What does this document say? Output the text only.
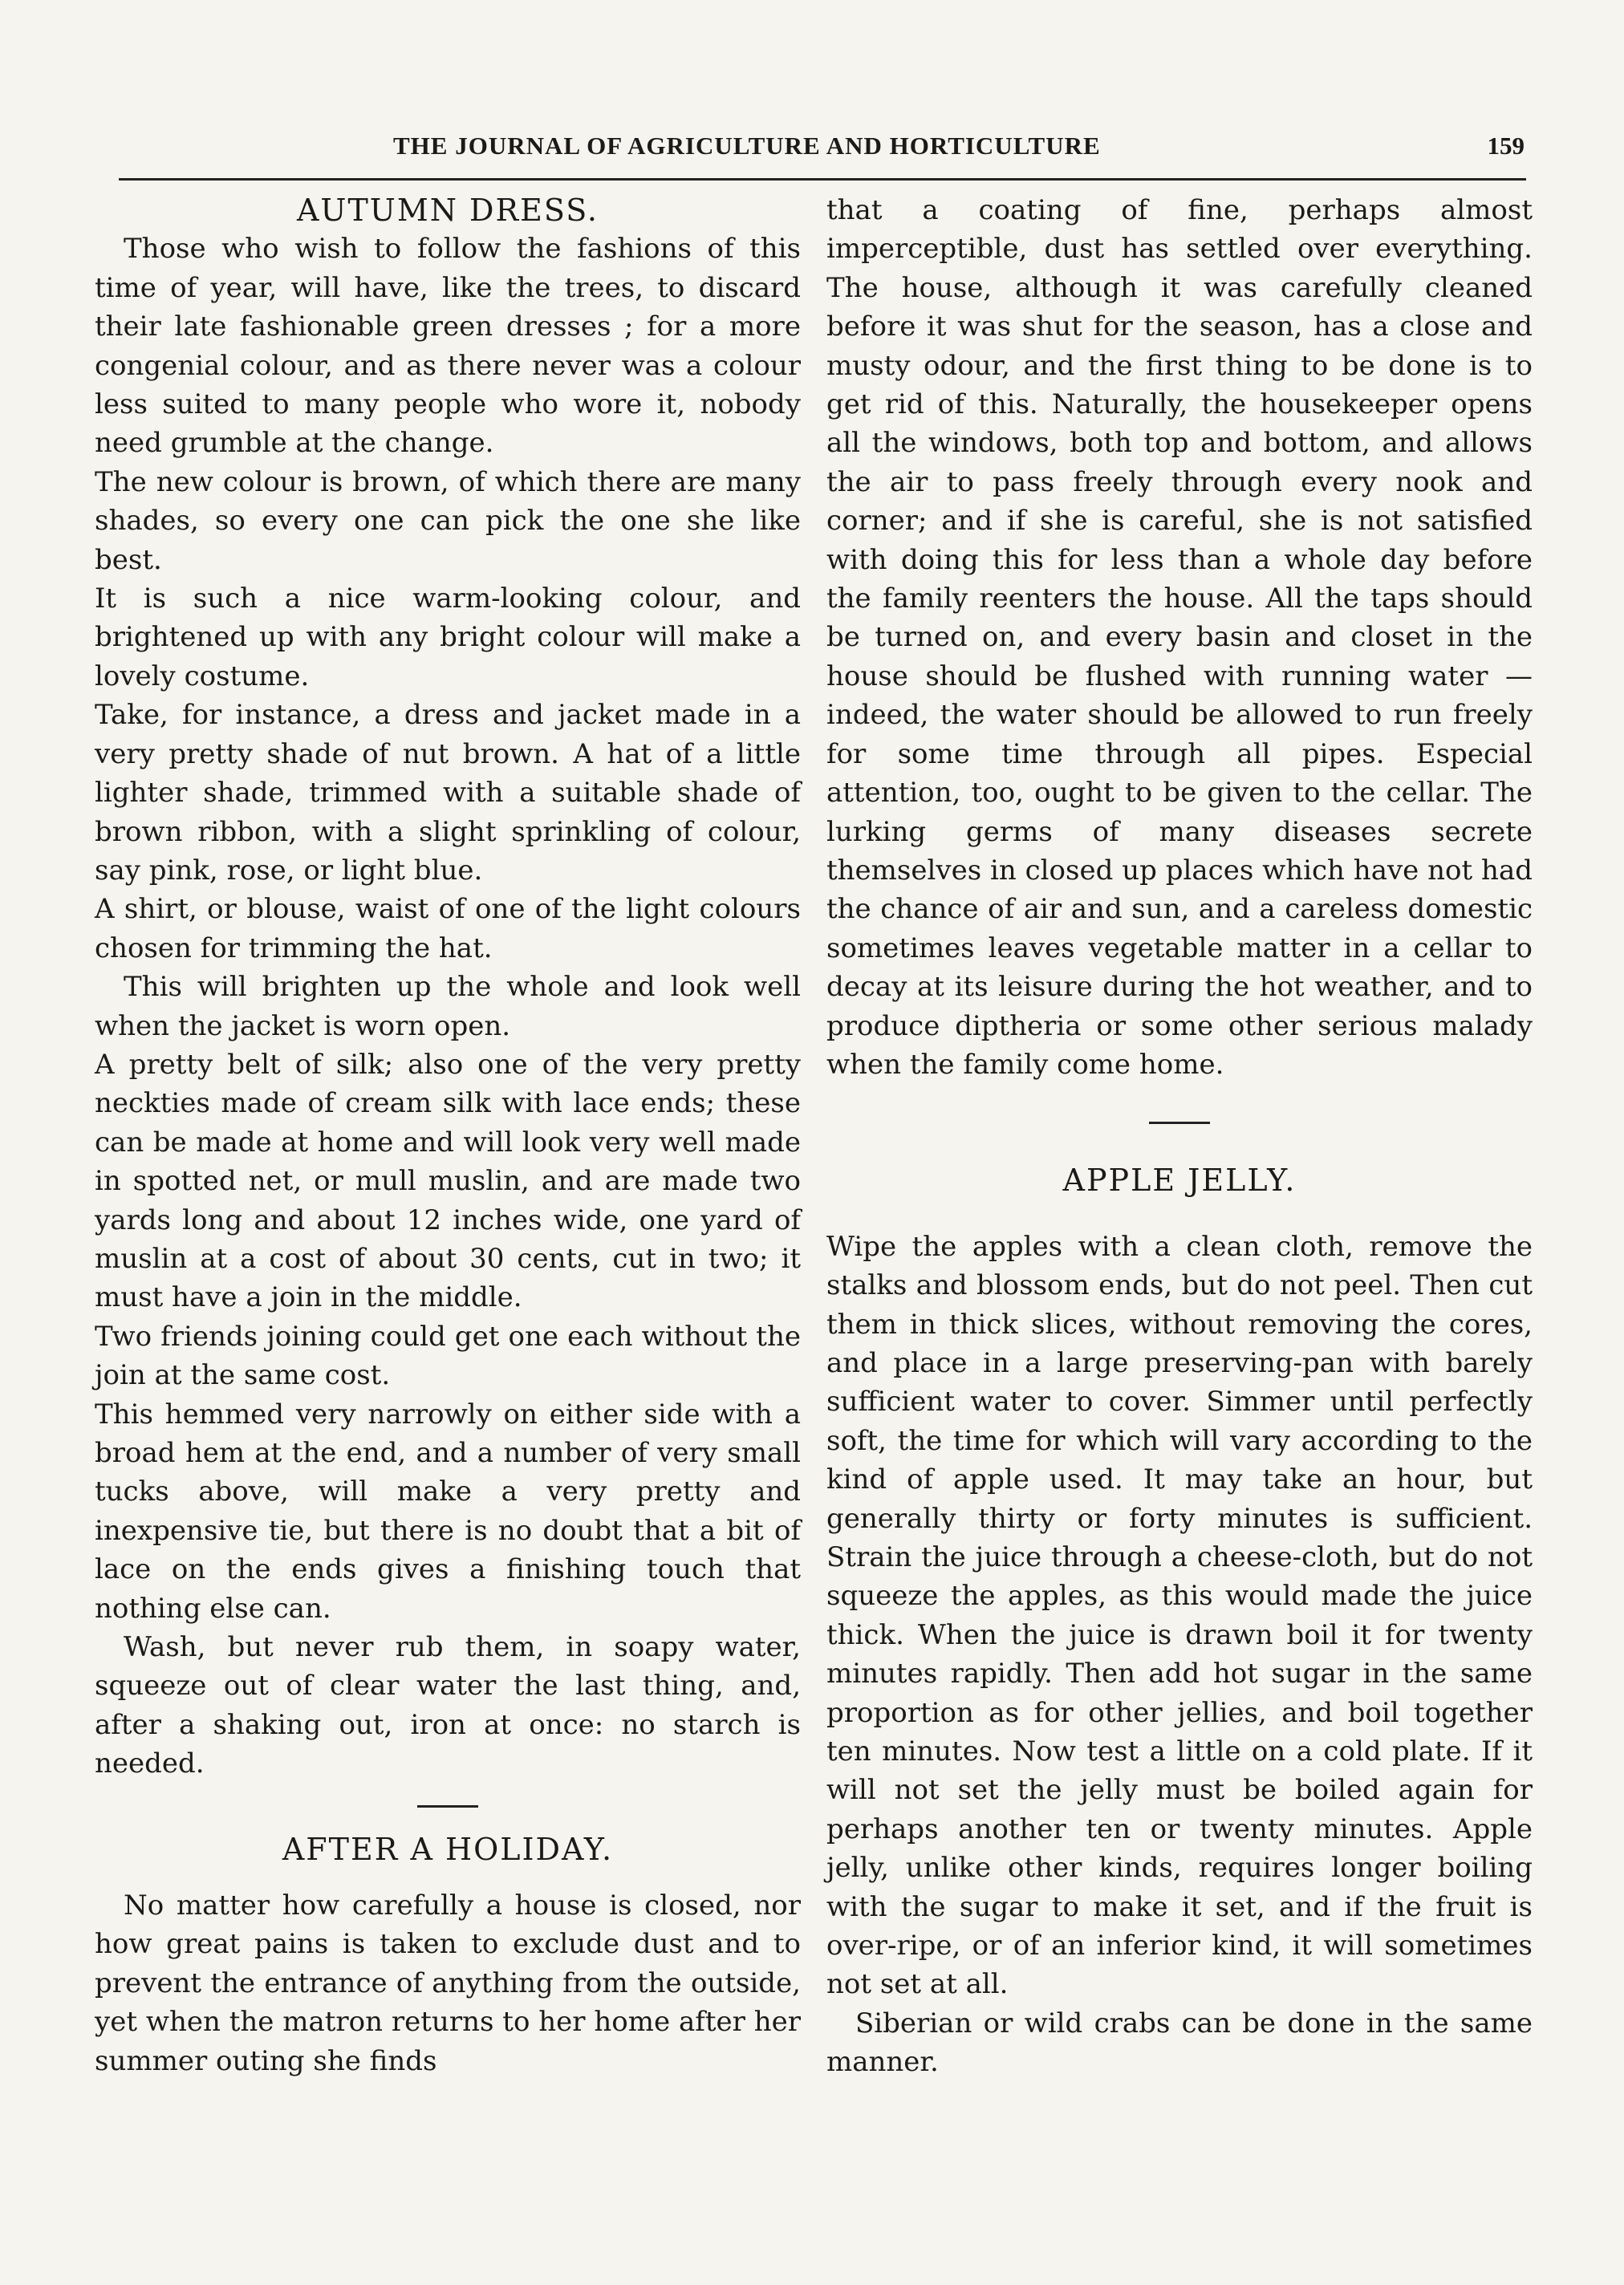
THE JOURNAL OF AGRICULTURE AND HORTICULTURE	159
AUTUMN DRESS.

Those who wish to follow the fashions of this time of year, will have, like the trees, to discard their late fashionable green dresses ; for a more congenial colour, and as there never was a colour less suited to many people who wore it, nobody need grumble at the change.

The new colour is brown, of which there are many shades, so every one can pick the one she like best.

It is such a nice warm-looking colour, and brightened up with any bright colour will make a lovely costume.

Take, for instance, a dress and jacket made in a very pretty shade of nut brown. A hat of a little lighter shade, trimmed with a suitable shade of brown ribbon, with a slight sprinkling of colour, say pink, rose, or light blue.

A shirt, or blouse, waist of one of the light colours chosen for trimming the hat.

This will brighten up the whole and look well when the jacket is worn open.

A pretty belt of silk; also one of the very pretty neckties made of cream silk with lace ends; these can be made at home and will look very well made in spotted net, or mull muslin, and are made two yards long and about 12 inches wide, one yard of muslin at a cost of about 30 cents, cut in two; it must have a join in the middle.

Two friends joining could get one each without the join at the same cost.

This hemmed very narrowly on either side with a broad hem at the end, and a number of very small tucks above, will make a very pretty and inexpensive tie, but there is no doubt that a bit of lace on the ends gives a finishing touch that nothing else can.

Wash, but never rub them, in soapy water, squeeze out of clear water the last thing, and, after a shaking out, iron at once: no starch is needed.

AFTER A HOLIDAY.

No matter how carefully a house is closed, nor how great pains is taken to exclude dust and to prevent the entrance of anything from the outside, yet when the matron returns to her home after her summer outing she finds

that a coating of fine, perhaps almost imperceptible, dust has settled over everything. The house, although it was carefully cleaned before it was shut for the season, has a close and musty odour, and the first thing to be done is to get rid of this. Naturally, the housekeeper opens all the windows, both top and bottom, and allows the air to pass freely through every nook and corner; and if she is careful, she is not satisfied with doing this for less than a whole day before the family reenters the house. All the taps should be turned on, and every basin and closet in the house should be flushed with running water —indeed, the water should be allowed to run freely for some time through all pipes. Especial attention, too, ought to be given to the cellar. The lurking germs of many diseases secrete themselves in closed up places which have not had the chance of air and sun, and a careless domestic sometimes leaves vegetable matter in a cellar to decay at its leisure during the hot weather, and to produce diptheria or some other serious malady when the family come home.

APPLE JELLY.

Wipe the apples with a clean cloth, remove the stalks and blossom ends, but do not peel. Then cut them in thick slices, without removing the cores, and place in a large preserving-pan with barely sufficient water to cover. Simmer until perfectly soft, the time for which will vary according to the kind of apple used. It may take an hour, but generally thirty or forty minutes is sufficient. Strain the juice through a cheese-cloth, but do not squeeze the apples, as this would made the juice thick. When the juice is drawn boil it for twenty minutes rapidly. Then add hot sugar in the same proportion as for other jellies, and boil together ten minutes. Now test a little on a cold plate. If it will not set the jelly must be boiled again for perhaps another ten or twenty minutes. Apple jelly, unlike other kinds, requires longer boiling with the sugar to make it set, and if the fruit is over-ripe, or of an inferior kind, it will sometimes not set at all.

Siberian or wild crabs can be done in the same manner.
